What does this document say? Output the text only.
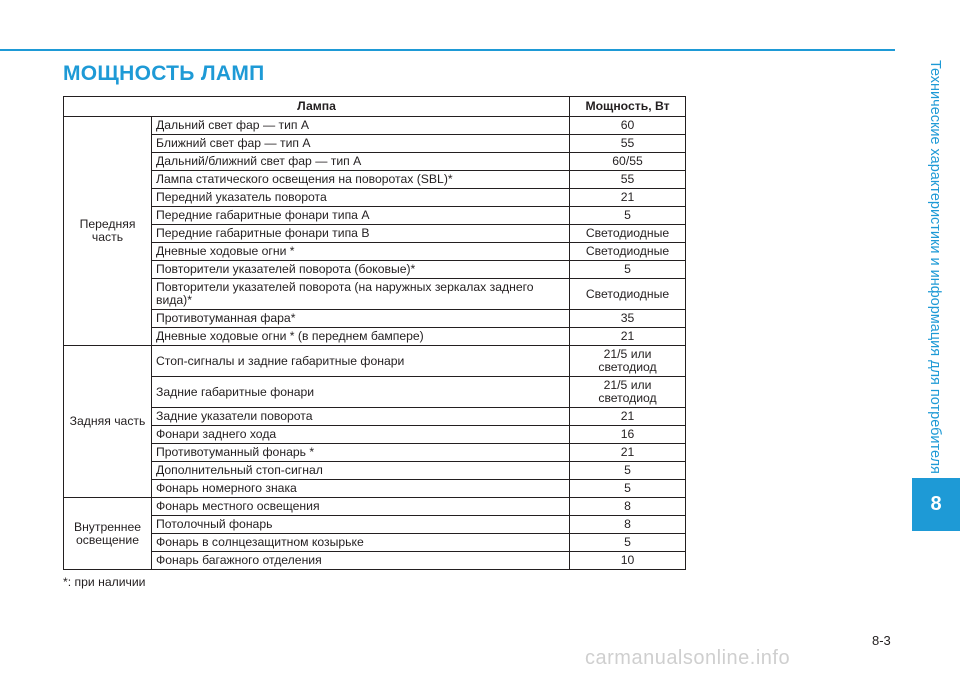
МОЩНОСТЬ ЛАМП	Технические характеристики и информация для потребителя
8
Лампа		Мощность, Вт
Передняя часть	Дальний свет фар — тип А	60
	Ближний свет фар — тип А	55
	Дальний/ближний свет фар — тип А	60/55
	Лампа статического освещения на поворотах (SBL)*	55
	Передний указатель поворота	21
	Передние габаритные фонари типа А	5
	Передние габаритные фонари типа В	Светодиодные
	Дневные ходовые огни *	Светодиодные
	Повторители указателей поворота (боковые)*	5
	Повторители указателей поворота (на наружных зеркалах заднего вида)*	Светодиодные
	Противотуманная фара*	35
	Дневные ходовые огни * (в переднем бампере)	21
Задняя часть	Стоп-сигналы и задние габаритные фонари	21/5 или светодиод
	Задние габаритные фонари	21/5 или светодиод
	Задние указатели поворота	21
	Фонари заднего хода	16
	Противотуманный фонарь *	21
	Дополнительный стоп-сигнал	5
	Фонарь номерного знака	5
Внутреннее освещение	Фонарь местного освещения	8
	Потолочный фонарь	8
	Фонарь в солнцезащитном козырьке	5
	Фонарь багажного отделения	10
*: при наличии
8-3
carmanualsonline.info
